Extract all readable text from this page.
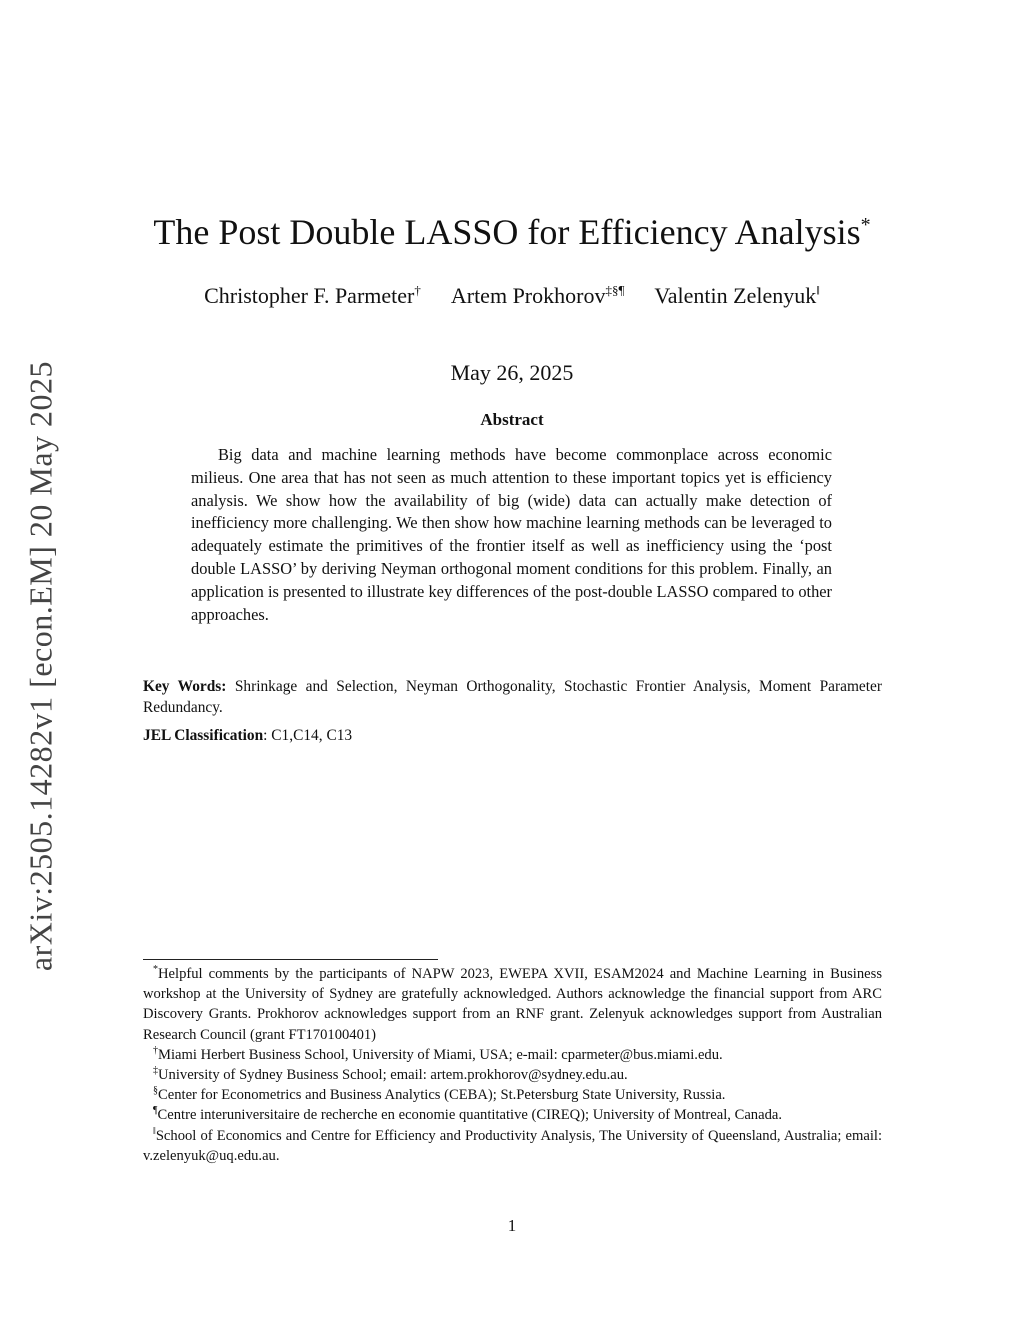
arXiv:2505.14282v1 [econ.EM] 20 May 2025
The Post Double LASSO for Efficiency Analysis*
Christopher F. Parmeter† Artem Prokhorov‡§¶ Valentin Zelenyuk‖
May 26, 2025
Abstract

Big data and machine learning methods have become commonplace across economic milieus. One area that has not seen as much attention to these important topics yet is efficiency analysis. We show how the availability of big (wide) data can actually make detection of inefficiency more challenging. We then show how machine learning methods can be leveraged to adequately estimate the primitives of the frontier itself as well as inefficiency using the ‘post double LASSO’ by deriving Neyman orthogonal moment conditions for this problem. Finally, an application is presented to illustrate key differences of the post-double LASSO compared to other approaches.

Key Words: Shrinkage and Selection, Neyman Orthogonality, Stochastic Frontier Analysis, Moment Parameter Redundancy.

JEL Classification: C1,C14, C13

*Helpful comments by the participants of NAPW 2023, EWEPA XVII, ESAM2024 and Machine Learning in Business workshop at the University of Sydney are gratefully acknowledged. Authors acknowledge the financial support from ARC Discovery Grants. Prokhorov acknowledges support from an RNF grant. Zelenyuk acknowledges support from Australian Research Council (grant FT170100401)

†Miami Herbert Business School, University of Miami, USA; e-mail: cparmeter@bus.miami.edu.

‡University of Sydney Business School; email: artem.prokhorov@sydney.edu.au.

§Center for Econometrics and Business Analytics (CEBA); St.Petersburg State University, Russia.

¶Centre interuniversitaire de recherche en economie quantitative (CIREQ); University of Montreal, Canada.

‖School of Economics and Centre for Efficiency and Productivity Analysis, The University of Queensland, Australia; email: v.zelenyuk@uq.edu.au.

1
